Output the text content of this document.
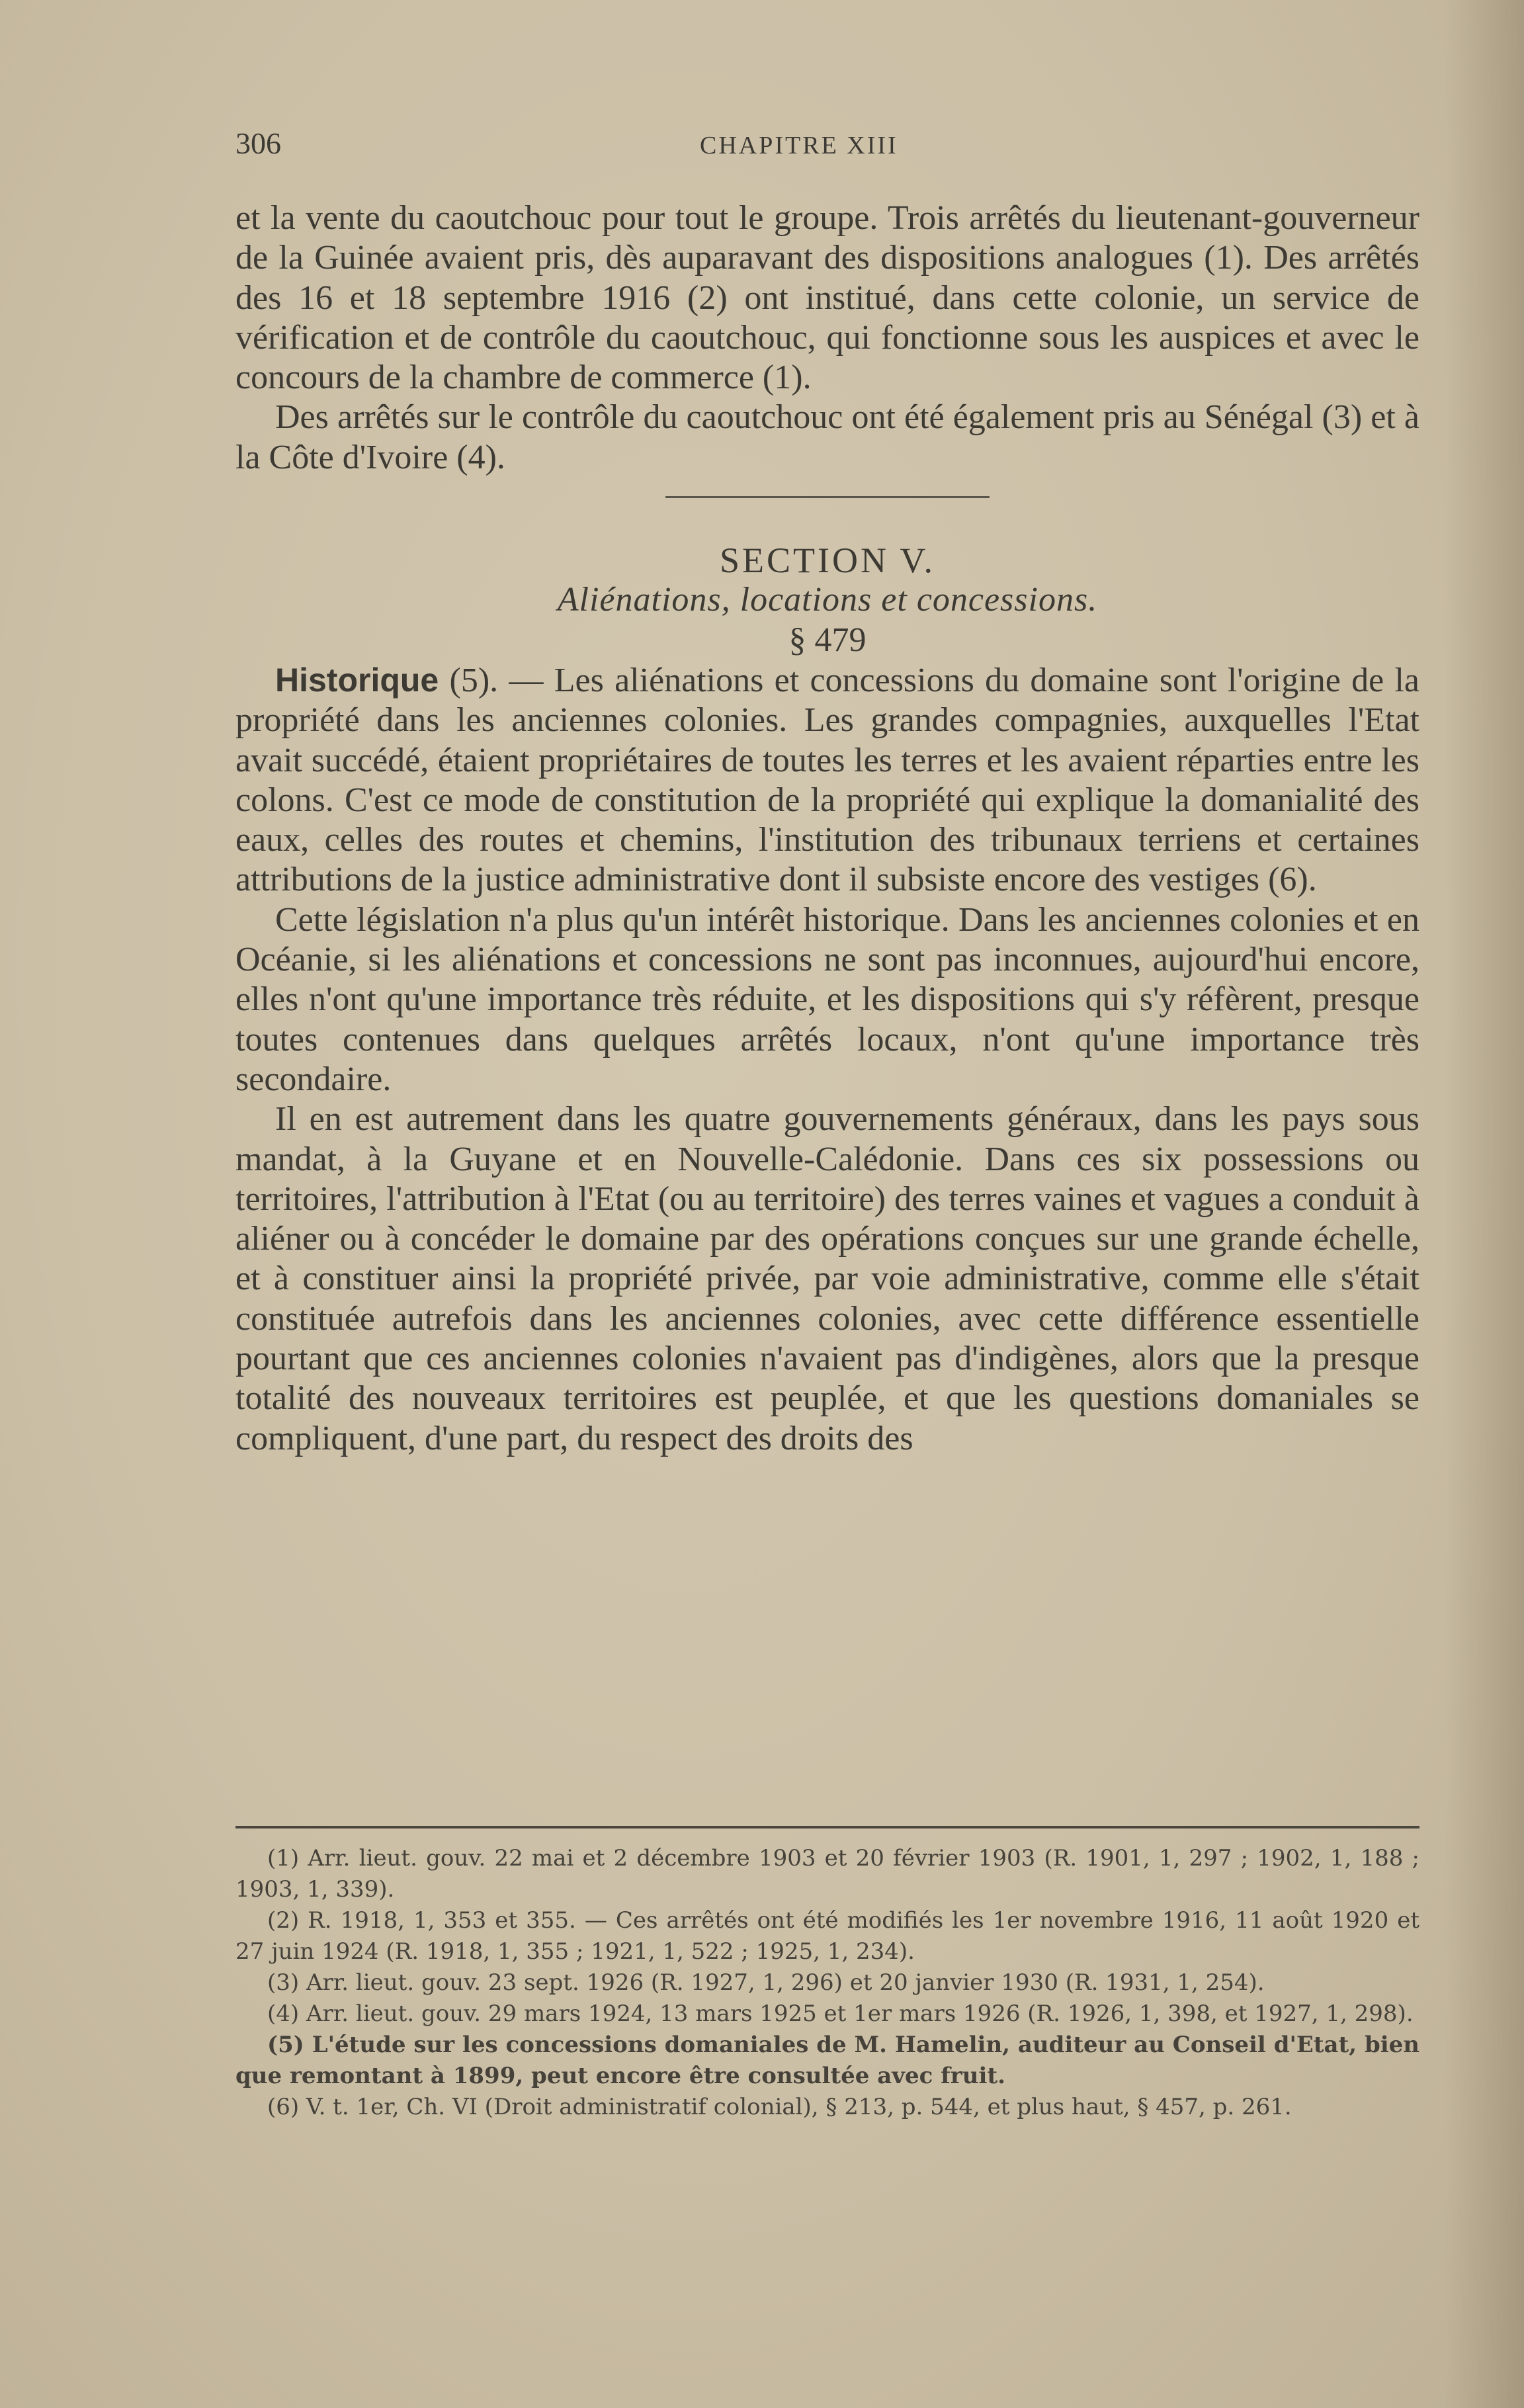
306	CHAPITRE XIII

et la vente du caoutchouc pour tout le groupe. Trois arrêtés du lieutenant-gouverneur de la Guinée avaient pris, dès auparavant des dispositions analogues (1). Des arrêtés des 16 et 18 septembre 1916 (2) ont institué, dans cette colonie, un service de vérification et de contrôle du caoutchouc, qui fonctionne sous les auspices et avec le concours de la chambre de commerce (1).

Des arrêtés sur le contrôle du caoutchouc ont été également pris au Sénégal (3) et à la Côte d'Ivoire (4).

SECTION V.

Aliénations, locations et concessions.

§ 479

Historique (5). — Les aliénations et concessions du domaine sont l'origine de la propriété dans les anciennes colonies. Les grandes compagnies, auxquelles l'Etat avait succédé, étaient propriétaires de toutes les terres et les avaient réparties entre les colons. C'est ce mode de constitution de la propriété qui explique la domanialité des eaux, celles des routes et chemins, l'institution des tribunaux terriens et certaines attributions de la justice administrative dont il subsiste encore des vestiges (6).

Cette législation n'a plus qu'un intérêt historique. Dans les anciennes colonies et en Océanie, si les aliénations et concessions ne sont pas inconnues, aujourd'hui encore, elles n'ont qu'une importance très réduite, et les dispositions qui s'y réfèrent, presque toutes contenues dans quelques arrêtés locaux, n'ont qu'une importance très secondaire.

Il en est autrement dans les quatre gouvernements généraux, dans les pays sous mandat, à la Guyane et en Nouvelle-Calédonie. Dans ces six possessions ou territoires, l'attribution à l'Etat (ou au territoire) des terres vaines et vagues a conduit à aliéner ou à concéder le domaine par des opérations conçues sur une grande échelle, et à constituer ainsi la propriété privée, par voie administrative, comme elle s'était constituée autrefois dans les anciennes colonies, avec cette différence essentielle pourtant que ces anciennes colonies n'avaient pas d'indigènes, alors que la presque totalité des nouveaux territoires est peuplée, et que les questions domaniales se compliquent, d'une part, du respect des droits des

(1) Arr. lieut. gouv. 22 mai et 2 décembre 1903 et 20 février 1903 (R. 1901, 1, 297 ; 1902, 1, 188 ; 1903, 1, 339).

(2) R. 1918, 1, 353 et 355. — Ces arrêtés ont été modifiés les 1er novembre 1916, 11 août 1920 et 27 juin 1924 (R. 1918, 1, 355 ; 1921, 1, 522 ; 1925, 1, 234).

(3) Arr. lieut. gouv. 23 sept. 1926 (R. 1927, 1, 296) et 20 janvier 1930 (R. 1931, 1, 254).

(4) Arr. lieut. gouv. 29 mars 1924, 13 mars 1925 et 1er mars 1926 (R. 1926, 1, 398, et 1927, 1, 298).

(5) L'étude sur les concessions domaniales de M. Hamelin, auditeur au Conseil d'Etat, bien que remontant à 1899, peut encore être consultée avec fruit.

(6) V. t. 1er, Ch. VI (Droit administratif colonial), § 213, p. 544, et plus haut, § 457, p. 261.
